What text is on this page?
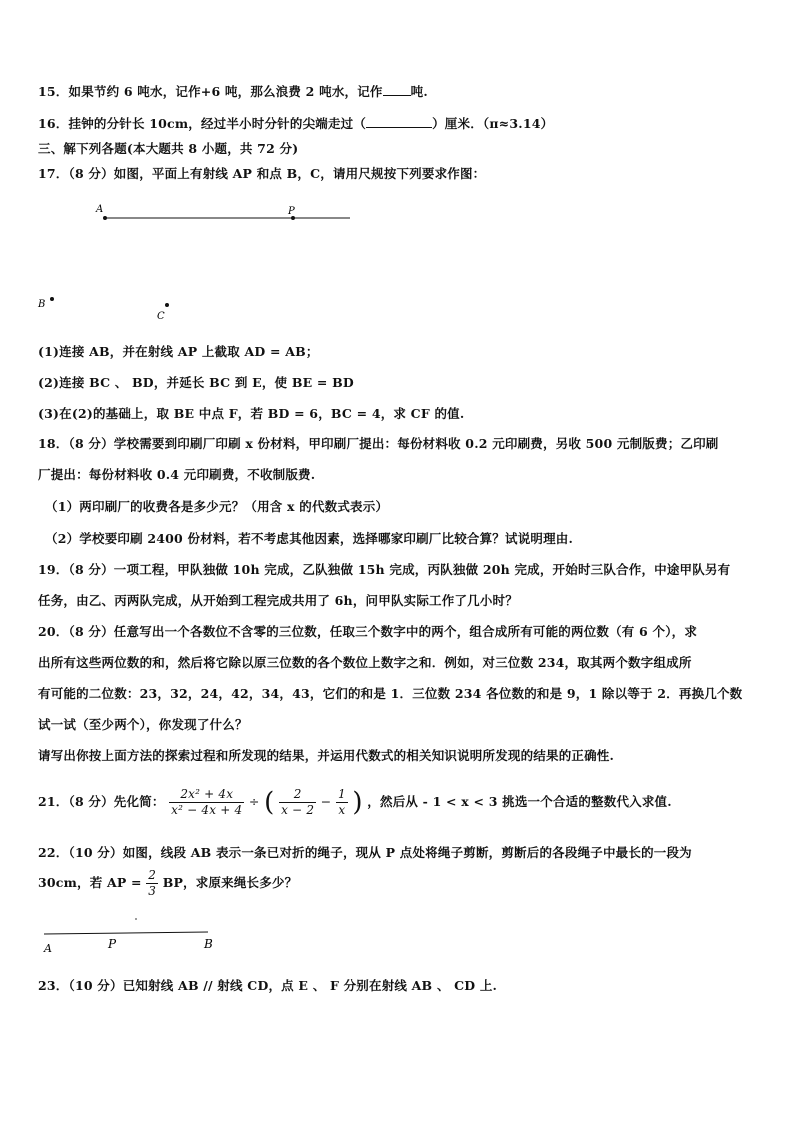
15．如果节约 6 吨水，记作+6 吨，那么浪费 2 吨水，记作 吨.
16．挂钟的分针长 10cm，经过半小时分针的尖端走过（	）厘米．（π≈3.14）
三、解下列各题(本大题共 8 小题，共 72 分)
17．（8 分）如图，平面上有射线 AP 和点 B，C，请用尺规按下列要求作图：
A	P
B
C
(1)连接 AB，并在射线 AP 上截取 AD = AB；
(2)连接 BC 、 BD，并延长 BC 到 E，使 BE = BD
(3)在(2)的基础上，取 BE 中点 F，若 BD = 6，BC = 4，求 CF 的值.
18．（8 分）学校需要到印刷厂印刷 x 份材料，甲印刷厂提出：每份材料收 0.2 元印刷费，另收 500 元制版费；乙印刷
厂提出：每份材料收 0.4 元印刷费，不收制版费.
（1）两印刷厂的收费各是多少元？（用含 x 的代数式表示）
（2）学校要印刷 2400 份材料，若不考虑其他因素，选择哪家印刷厂比较合算？试说明理由.
19．（8 分）一项工程，甲队独做 10h 完成，乙队独做 15h 完成，丙队独做 20h 完成，开始时三队合作，中途甲队另有
任务，由乙、丙两队完成，从开始到工程完成共用了 6h，问甲队实际工作了几小时？
20．（8 分）任意写出一个各数位不含零的三位数，任取三个数字中的两个，组合成所有可能的两位数（有 6 个），求
出所有这些两位数的和，然后将它除以原三位数的各个数位上数字之和．例如，对三位数 234，取其两个数字组成所
有可能的二位数：23，32，24，42，34，43，它们的和是 1．三位数 234 各位数的和是 9，1 除以等于 2．再换几个数
试一试（至少两个），你发现了什么？
请写出你按上面方法的探索过程和所发现的结果，并运用代数式的相关知识说明所发现的结果的正确性.
21．（8 分）先化简： $\frac{\text{2x² + 4x}}{\text{x² − 4x + 4}}$ ÷ ( $\frac{2}{x - 2} - \frac{1}{x}$ ) ，然后从 - 1 < x < 3 挑选一个合适的整数代入求值.
22．（10 分）如图，线段 AB 表示一条已对折的绳子，现从 P 点处将绳子剪断，剪断后的各段绳子中最长的一段为
30cm，若 AP = $\frac{2}{3}$ BP，求原来绳长多少？
A	P	B
23．（10 分）已知射线 AB // 射线 CD，点 E 、 F 分别在射线 AB 、 CD 上.
